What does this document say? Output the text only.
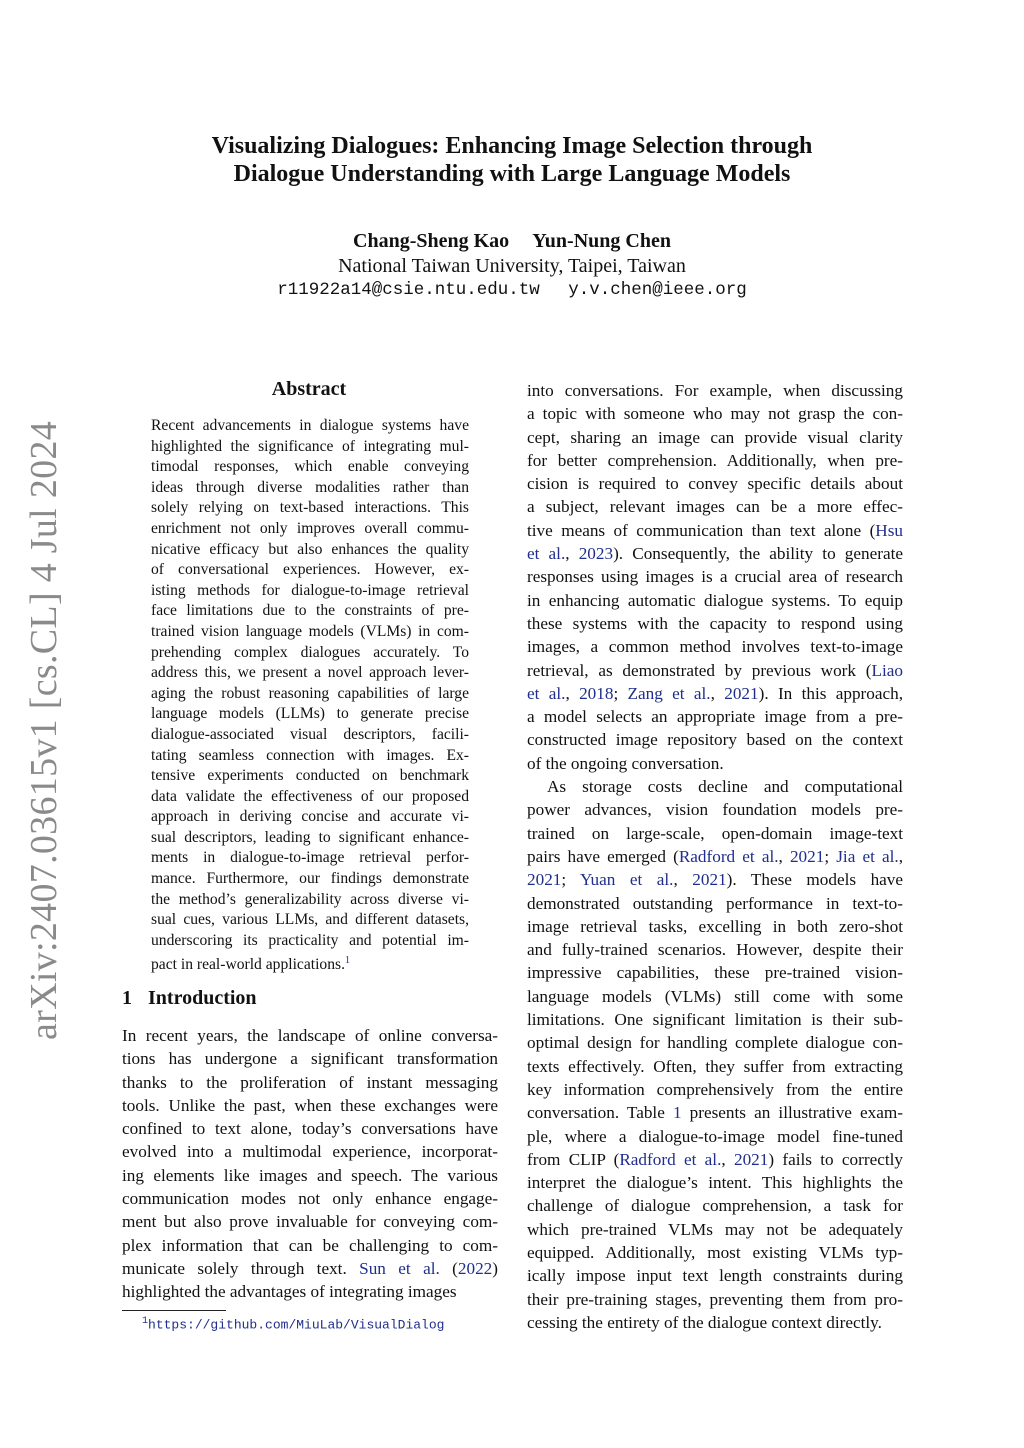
arXiv:2407.03615v1 [cs.CL] 4 Jul 2024
Visualizing Dialogues: Enhancing Image Selection through
Dialogue Understanding with Large Language Models
Chang-Sheng Kao Yun-Nung Chen
National Taiwan University, Taipei, Taiwan
r11922a14@csie.ntu.edu.tw y.v.chen@ieee.org
Abstract
Recent advancements in dialogue systems have
highlighted the significance of integrating mul-
timodal responses, which enable conveying
ideas through diverse modalities rather than
solely relying on text-based interactions. This
enrichment not only improves overall commu-
nicative efficacy but also enhances the quality
of conversational experiences. However, ex-
isting methods for dialogue-to-image retrieval
face limitations due to the constraints of pre-
trained vision language models (VLMs) in com-
prehending complex dialogues accurately. To
address this, we present a novel approach lever-
aging the robust reasoning capabilities of large
language models (LLMs) to generate precise
dialogue-associated visual descriptors, facili-
tating seamless connection with images. Ex-
tensive experiments conducted on benchmark
data validate the effectiveness of our proposed
approach in deriving concise and accurate vi-
sual descriptors, leading to significant enhance-
ments in dialogue-to-image retrieval perfor-
mance. Furthermore, our findings demonstrate
the method’s generalizability across diverse vi-
sual cues, various LLMs, and different datasets,
underscoring its practicality and potential im-
pact in real-world applications.$^1$
1 Introduction
In recent years, the landscape of online conversa-
tions has undergone a significant transformation
thanks to the proliferation of instant messaging
tools. Unlike the past, when these exchanges were
confined to text alone, today’s conversations have
evolved into a multimodal experience, incorporat-
ing elements like images and speech. The various
communication modes not only enhance engage-
ment but also prove invaluable for conveying com-
plex information that can be challenging to com-
municate solely through text. Sun et al. (2022)
highlighted the advantages of integrating images
into conversations. For example, when discussing
a topic with someone who may not grasp the con-
cept, sharing an image can provide visual clarity
for better comprehension. Additionally, when pre-
cision is required to convey specific details about
a subject, relevant images can be a more effec-
tive means of communication than text alone (Hsu
et al., 2023). Consequently, the ability to generate
responses using images is a crucial area of research
in enhancing automatic dialogue systems. To equip
these systems with the capacity to respond using
images, a common method involves text-to-image
retrieval, as demonstrated by previous work (Liao
et al., 2018; Zang et al., 2021). In this approach,
a model selects an appropriate image from a pre-
constructed image repository based on the context
of the ongoing conversation.
As storage costs decline and computational
power advances, vision foundation models pre-
trained on large-scale, open-domain image-text
pairs have emerged (Radford et al., 2021; Jia et al.,
2021; Yuan et al., 2021). These models have
demonstrated outstanding performance in text-to-
image retrieval tasks, excelling in both zero-shot
and fully-trained scenarios. However, despite their
impressive capabilities, these pre-trained vision-
language models (VLMs) still come with some
limitations. One significant limitation is their sub-
optimal design for handling complete dialogue con-
texts effectively. Often, they suffer from extracting
key information comprehensively from the entire
conversation. Table 1 presents an illustrative exam-
ple, where a dialogue-to-image model fine-tuned
from CLIP (Radford et al., 2021) fails to correctly
interpret the dialogue’s intent. This highlights the
challenge of dialogue comprehension, a task for
which pre-trained VLMs may not be adequately
equipped. Additionally, most existing VLMs typ-
ically impose input text length constraints during
their pre-training stages, preventing them from pro-
cessing the entirety of the dialogue context directly.
$^1$https://github.com/MiuLab/VisualDialog
